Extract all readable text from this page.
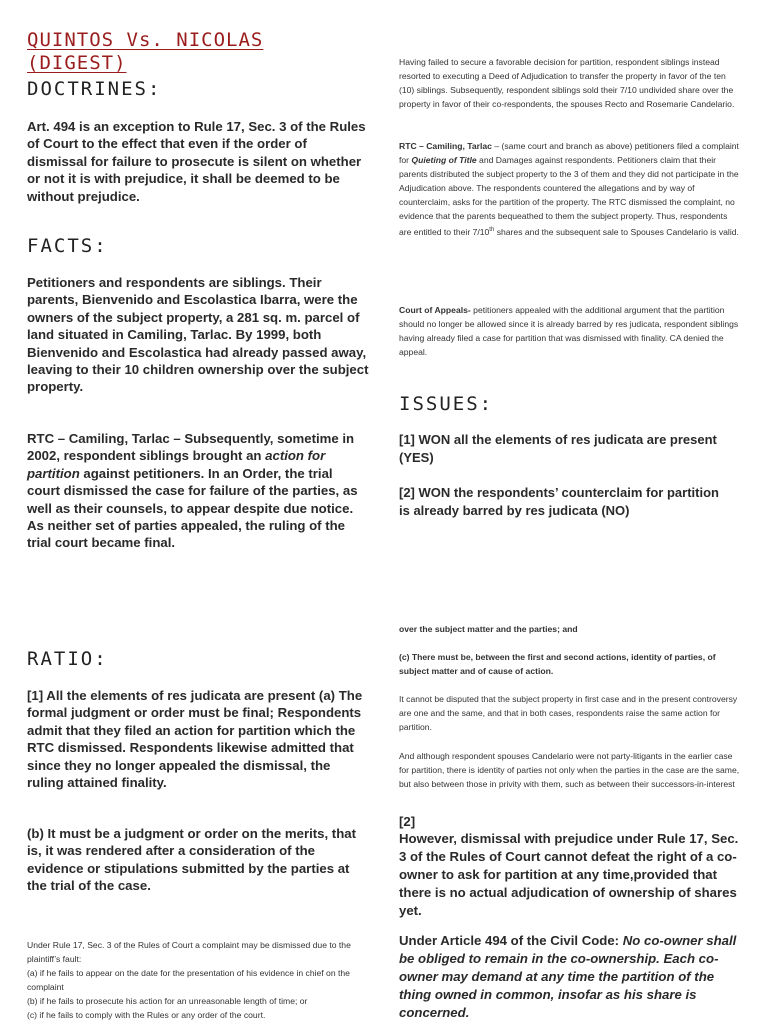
QUINTOS Vs. NICOLAS
(DIGEST)
DOCTRINES:

Art. 494 is an exception to Rule 17, Sec. 3 of the Rules of Court to the effect that even if the order of dismissal for failure to prosecute is silent on whether or not it is with prejudice, it shall be deemed to be without prejudice.

FACTS:

Petitioners and respondents are siblings. Their parents, Bienvenido and Escolastica Ibarra, were the owners of the subject property, a 281 sq. m. parcel of land situated in Camiling, Tarlac. By 1999, both Bienvenido and Escolastica had already passed away, leaving to their 10 children ownership over the subject property.

RTC – Camiling, Tarlac – Subsequently, sometime in 2002, respondent siblings brought an action for partition against petitioners. In an Order, the trial court dismissed the case for failure of the parties, as well as their counsels, to appear despite due notice. As neither set of parties appealed, the ruling of the trial court became final.

RATIO:

[1] All the elements of res judicata are present (a) The formal judgment or order must be final; Respondents admit that they filed an action for partition which the RTC dismissed. Respondents likewise admitted that since they no longer appealed the dismissal, the ruling attained finality.

(b) It must be a judgment or order on the merits, that is, it was rendered after a consideration of the evidence or stipulations submitted by the parties at the trial of the case.

Under Rule 17, Sec. 3 of the Rules of Court a complaint may be dismissed due to the plaintiff’s fault:

(a) if he fails to appear on the date for the presentation of his evidence in chief on the complaint

(b) if he fails to prosecute his action for an unreasonable length of time; or

(c) if he fails to comply with the Rules or any order of the court.

Having failed to secure a favorable decision for partition, respondent siblings instead resorted to executing a Deed of Adjudication to transfer the property in favor of the ten (10) siblings. Subsequently, respondent siblings sold their 7/10 undivided share over the property in favor of their co-respondents, the spouses Recto and Rosemarie Candelario.

RTC – Camiling, Tarlac – (same court and branch as above) petitioners filed a complaint for Quieting of Title and Damages against respondents. Petitioners claim that their parents distributed the subject property to the 3 of them and they did not participate in the Adjudication above. The respondents countered the allegations and by way of counterclaim, asks for the partition of the property. The RTC dismissed the complaint, no evidence that the parents bequeathed to them the subject property. Thus, respondents are entitled to their 7/10th shares and the subsequent sale to Spouses Candelario is valid.

Court of Appeals- petitioners appealed with the additional argument that the partition should no longer be allowed since it is already barred by res judicata, respondent siblings having already filed a case for partition that was dismissed with finality. CA denied the appeal.

ISSUES:

[1] WON all the elements of res judicata are present (YES)

[2] WON the respondents’ counterclaim for partition is already barred by res judicata (NO)

over the subject matter and the parties; and

(c) There must be, between the first and second actions, identity of parties, of subject matter and of cause of action.

It cannot be disputed that the subject property in first case and in the present controversy are one and the same, and that in both cases, respondents raise the same action for partition.

And although respondent spouses Candelario were not party-litigants in the earlier case for partition, there is identity of parties not only when the parties in the case are the same, but also between those in privity with them, such as between their successors-in-interest

[2]

However, dismissal with prejudice under Rule 17, Sec. 3 of the Rules of Court cannot defeat the right of a co-owner to ask for partition at any time,provided that there is no actual adjudication of ownership of shares yet.

Under Article 494 of the Civil Code: No co-owner shall be obliged to remain in the co-ownership. Each co-owner may demand at any time the partition of the thing owned in common, insofar as his share is concerned.
